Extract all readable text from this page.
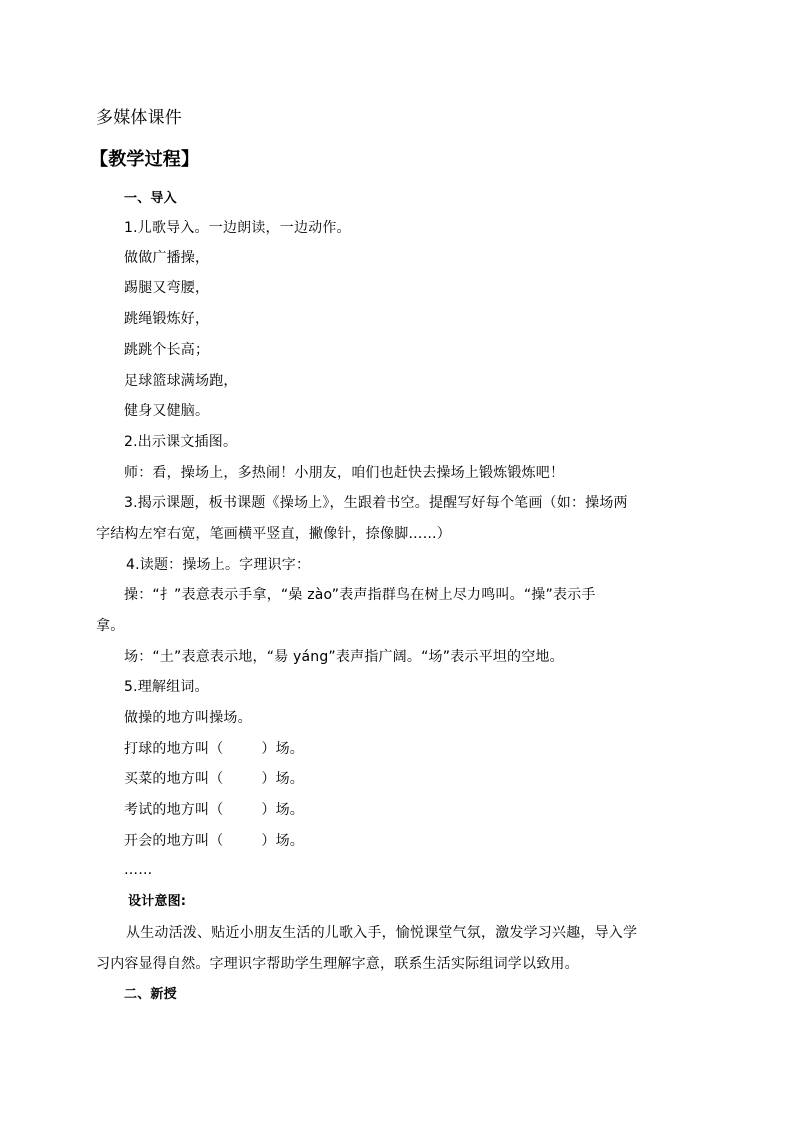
多媒体课件
【教学过程】
一、导入
1.儿歌导入。一边朗读，一边动作。
做做广播操，
踢腿又弯腰，
跳绳锻炼好，
跳跳个长高；
足球篮球满场跑，
健身又健脑。
2.出示课文插图。
师：看，操场上，多热闹！小朋友，咱们也赶快去操场上锻炼锻炼吧！
3.揭示课题，板书课题《操场上》，生跟着书空。提醒写好每个笔画（如：操场两
字结构左窄右宽，笔画横平竖直，撇像针，捺像脚……）
4.读题：操场上。字理识字：
操：“扌”表意表示手拿，“喿 zào”表声指群鸟在树上尽力鸣叫。“操”表示手
拿。
场：“土”表意表示地，“昜 yáng”表声指广阔。“场”表示平坦的空地。
5.理解组词。
做操的地方叫操场。
打球的地方叫（	）场。
买菜的地方叫（	）场。
考试的地方叫（	）场。
开会的地方叫（	）场。
……
设计意图:
从生动活泼、贴近小朋友生活的儿歌入手，愉悦课堂气氛，激发学习兴趣，导入学
习内容显得自然。字理识字帮助学生理解字意，联系生活实际组词学以致用。
二、新授
